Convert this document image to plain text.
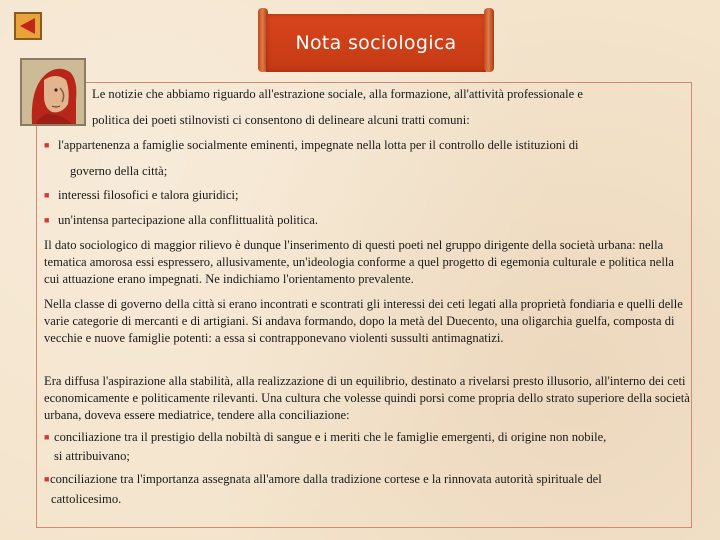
Nota sociologica
Le notizie che abbiamo riguardo all'estrazione sociale, alla formazione, all'attività professionale e
politica dei poeti stilnovisti ci consentono di delineare alcuni tratti comuni:
■ l'appartenenza a famiglie socialmente eminenti, impegnate nella lotta per il controllo delle istituzioni di
governo della città;
■ interessi filosofici e talora giuridici;
■ un'intensa partecipazione alla conflittualità politica.

Il dato sociologico di maggior rilievo è dunque l'inserimento di questi poeti nel gruppo dirigente della società urbana: nella tematica amorosa essi espressero, allusivamente, un'ideologia conforme a quel progetto di egemonia culturale e politica nella cui attuazione erano impegnati. Ne indichiamo l'orientamento prevalente.

Nella classe di governo della città si erano incontrati e scontrati gli interessi dei ceti legati alla proprietà fondiaria e quelli delle varie categorie di mercanti e di artigiani. Si andava formando, dopo la metà del Duecento, una oligarchia guelfa, composta di vecchie e nuove famiglie potenti: a essa si contrapponevano violenti sussulti antimagnatizi.

Era diffusa l'aspirazione alla stabilità, alla realizzazione di un equilibrio, destinato a rivelarsi presto illusorio, all'interno dei ceti economicamente e politicamente rilevanti. Una cultura che volesse quindi porsi come propria dello strato superiore della società urbana, doveva essere mediatrice, tendere alla conciliazione:

■ conciliazione tra il prestigio della nobiltà di sangue e i meriti che le famiglie emergenti, di origine non nobile,
si attribuivano;
■conciliazione tra l'importanza assegnata all'amore dalla tradizione cortese e la rinnovata autorità spirituale del
cattolicesimo.
